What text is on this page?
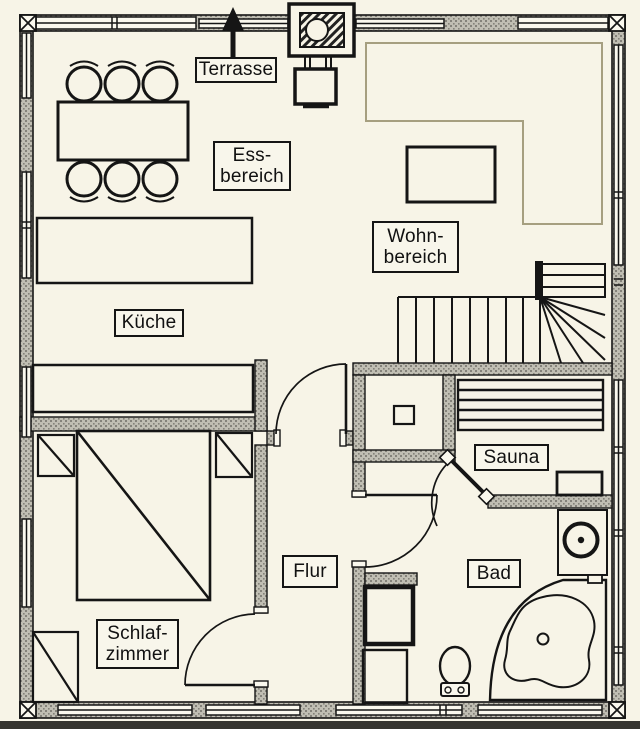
Terrasse
Ess-
bereich
Wohn-
bereich
Küche
Schlaf-
zimmer
Flur
Sauna
Bad
